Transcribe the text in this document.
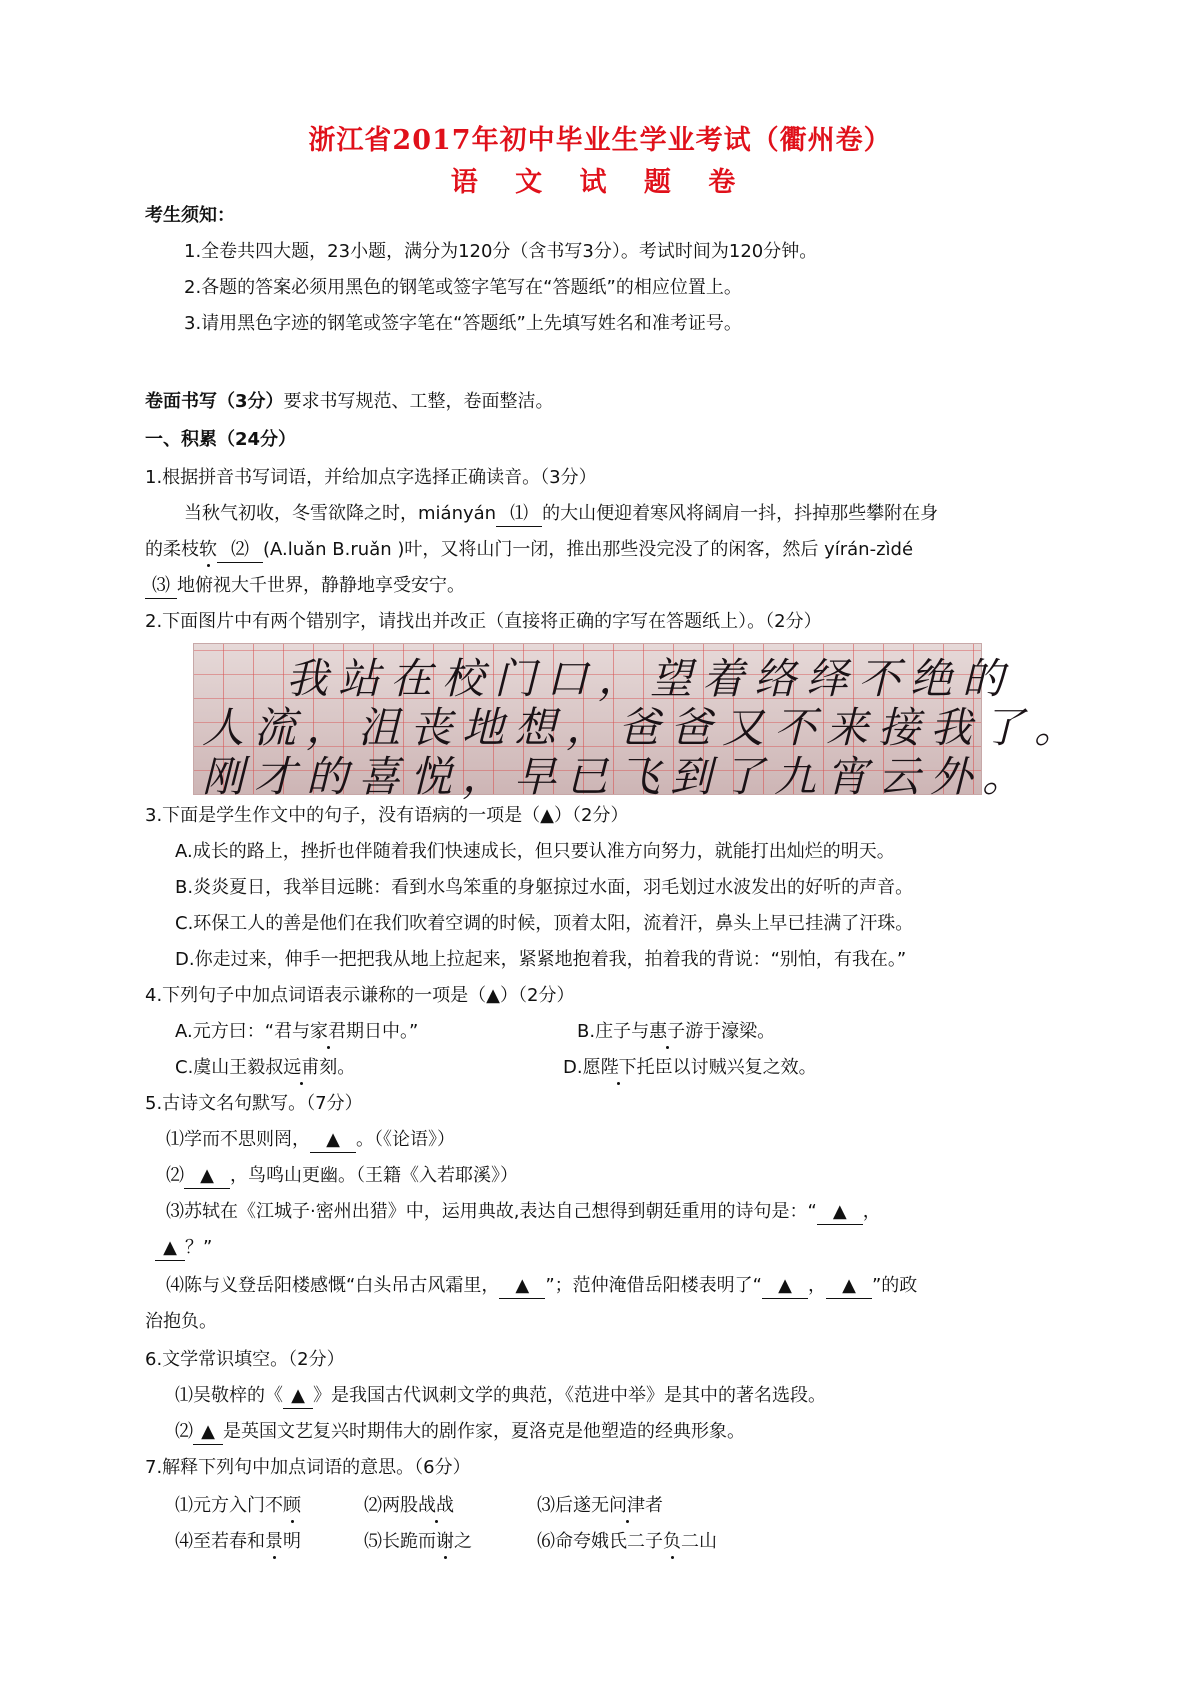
浙江省2017年初中毕业生学业考试（衢州卷）
语 文 试 题 卷
考生须知：
1.全卷共四大题，23小题，满分为120分（含书写3分）。考试时间为120分钟。
2.各题的答案必须用黑色的钢笔或签字笔写在“答题纸”的相应位置上。
3.请用黑色字迹的钢笔或签字笔在“答题纸”上先填写姓名和准考证号。
卷面书写（3分）要求书写规范、工整，卷面整洁。
一、积累（24分）
1.根据拼音书写词语，并给加点字选择正确读音。（3分）
当秋气初收，冬雪欲降之时，miányán ⑴ 的大山便迎着寒风将阔肩一抖，抖掉那些攀附在身
的柔枝软 ⑵ (A.luǎn B.ruǎn )叶，又将山门一闭，推出那些没完没了的闲客，然后 yírán-zìdé
⑶ 地俯视大千世界，静静地享受安宁。
2.下面图片中有两个错别字，请找出并改正（直接将正确的字写在答题纸上）。（2分）
我站在校门口，望着络绎不绝的
人流，沮丧地想，爸爸又不来接我了。
刚才的喜悦，早已飞到了九宵云外。
3.下面是学生作文中的句子，没有语病的一项是（▲）（2分）
A.成长的路上，挫折也伴随着我们快速成长，但只要认准方向努力，就能打出灿烂的明天。
B.炎炎夏日，我举目远眺：看到水鸟笨重的身躯掠过水面，羽毛划过水波发出的好听的声音。
C.环保工人的善是他们在我们吹着空调的时候，顶着太阳，流着汗，鼻头上早已挂满了汗珠。
D.你走过来，伸手一把把我从地上拉起来，紧紧地抱着我，拍着我的背说：“别怕，有我在。”
4.下列句子中加点词语表示谦称的一项是（▲）（2分）
A.元方曰：“君与家君期日中。”	B.庄子与惠子游于濠梁。
C.虞山王毅叔远甫刻。	D.愿陛下托臣以讨贼兴复之效。
5.古诗文名句默写。（7分）
⑴学而不思则罔， ▲ 。（《论语》）
⑵ ▲ ，鸟鸣山更幽。（王籍《入若耶溪》）
⑶苏轼在《江城子·密州出猎》中，运用典故,表达自己想得到朝廷重用的诗句是：“ ▲ ，
▲ ？”
⑷陈与义登岳阳楼感慨“白头吊古风霜里， ▲ ”；范仲淹借岳阳楼表明了“ ▲ ， ▲ ”的政
治抱负。
6.文学常识填空。（2分）
⑴吴敬梓的《 ▲ 》是我国古代讽刺文学的典范，《范进中举》是其中的著名选段。
⑵ ▲ 是英国文艺复兴时期伟大的剧作家，夏洛克是他塑造的经典形象。
7.解释下列句中加点词语的意思。（6分）
⑴元方入门不顾	⑵两股战战	⑶后遂无问津者
⑷至若春和景明	⑸长跪而谢之	⑹命夸娥氏二子负二山
